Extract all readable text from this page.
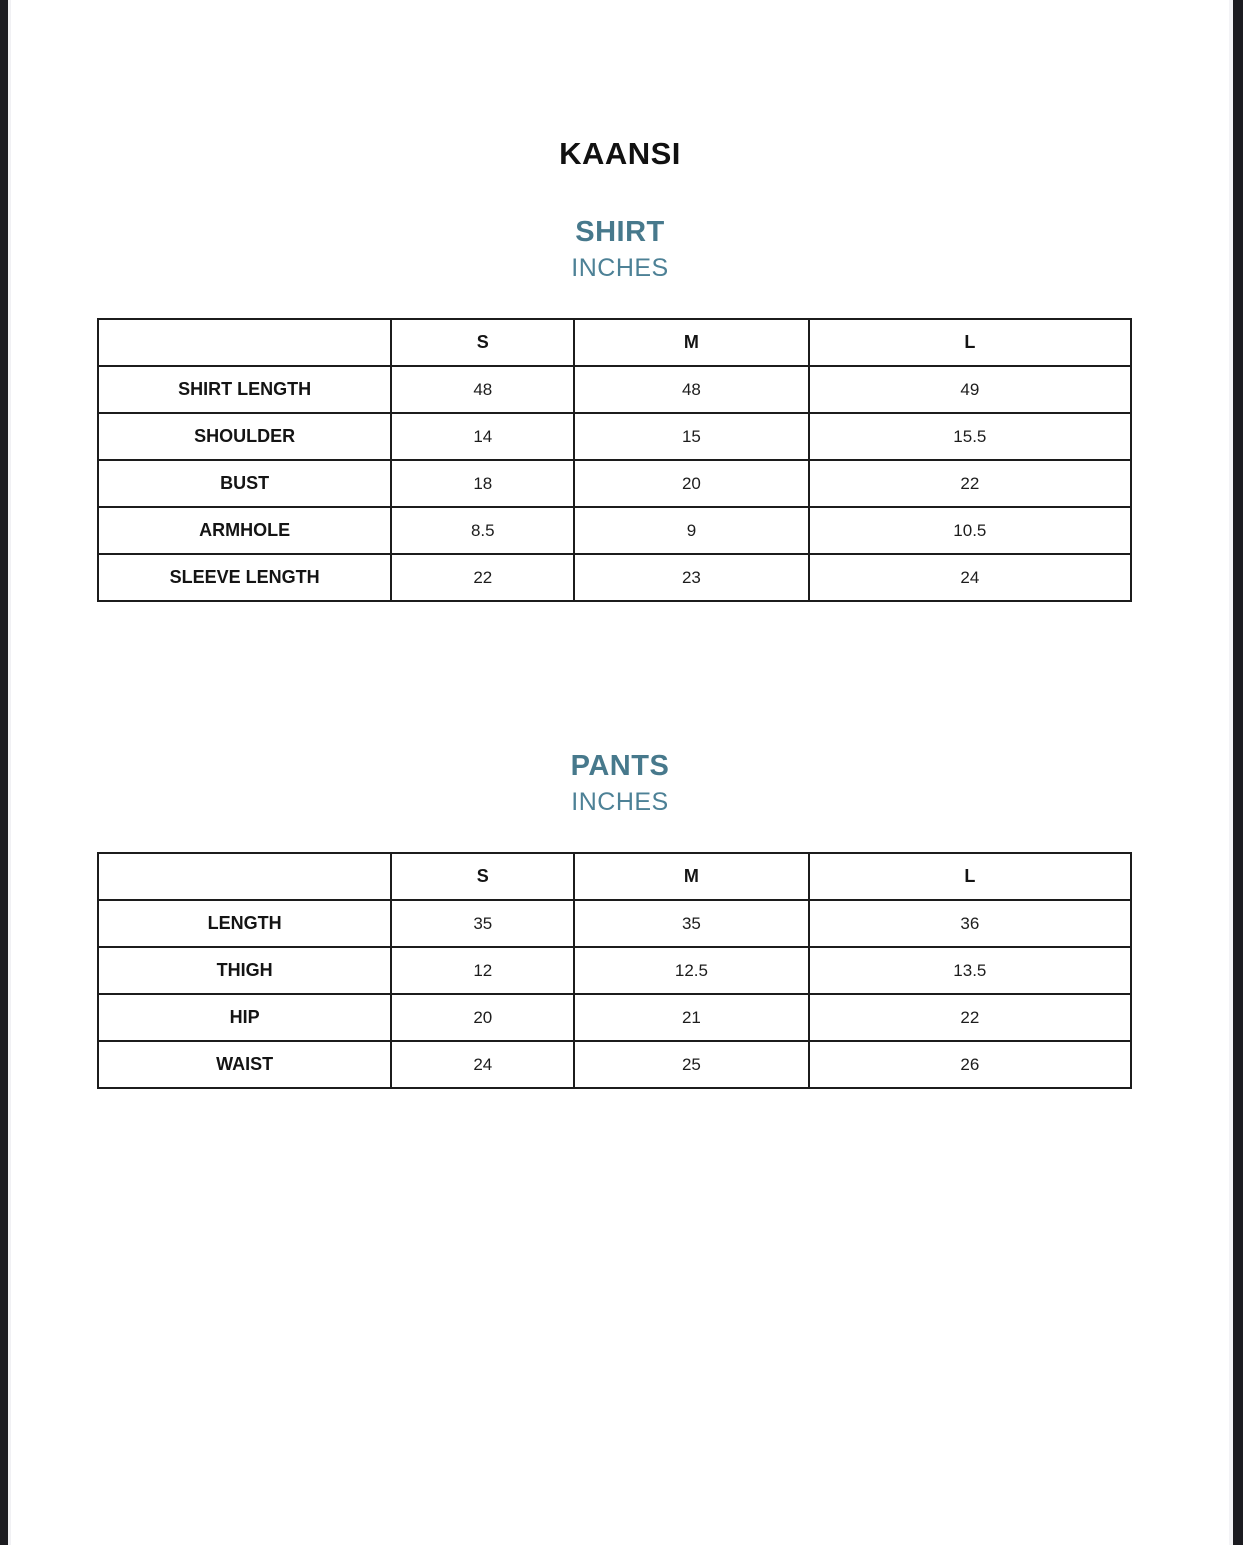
KAANSI
SHIRT

INCHES

	S	M	L
SHIRT LENGTH	48	48	49
SHOULDER	14	15	15.5
BUST	18	20	22
ARMHOLE	8.5	9	10.5
SLEEVE LENGTH	22	23	24
PANTS

INCHES

	S	M	L
LENGTH	35	35	36
THIGH	12	12.5	13.5
HIP	20	21	22
WAIST	24	25	26
